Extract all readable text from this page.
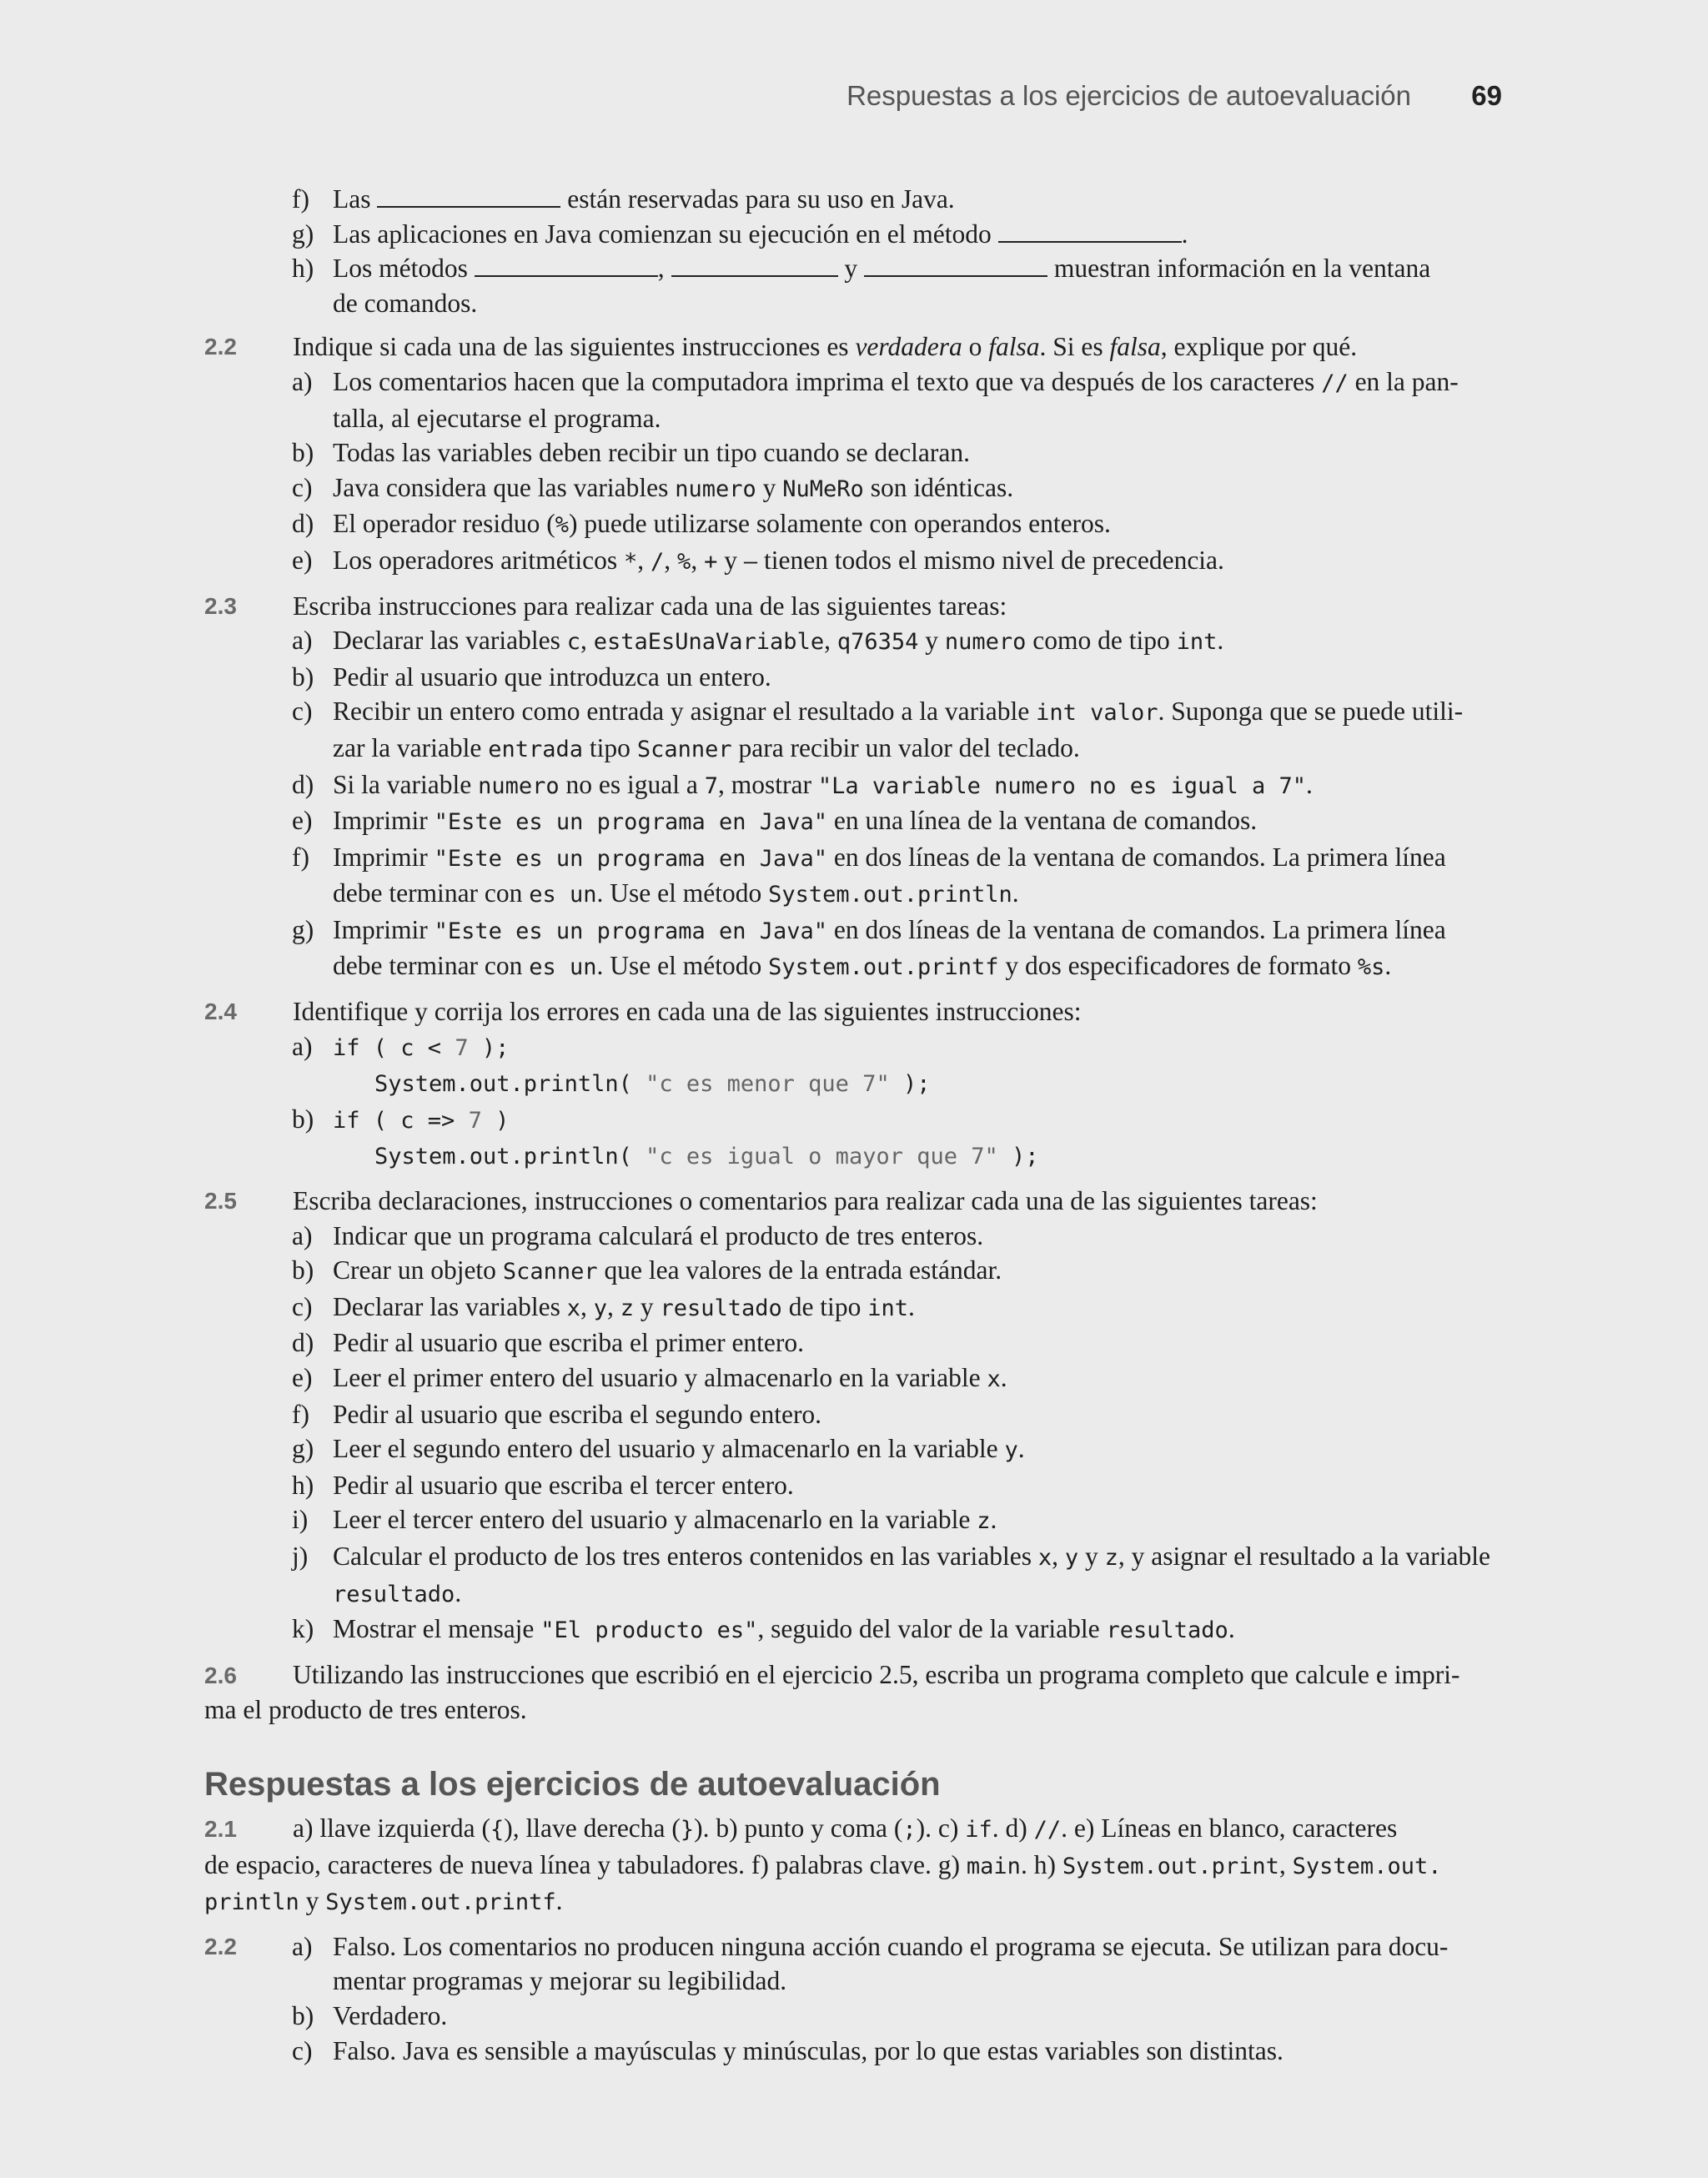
Respuestas a los ejercicios de autoevaluación 69
f) Las	están reservadas para su uso en Java.
g) Las aplicaciones en Java comienzan su ejecución en el método	.
h) Los métodos	,	y	muestran información en la ventana
de comandos.
2.2 Indique si cada una de las siguientes instrucciones es verdadera o falsa. Si es falsa, explique por qué.
a) Los comentarios hacen que la computadora imprima el texto que va después de los caracteres // en la pan-
talla, al ejecutarse el programa.
b) Todas las variables deben recibir un tipo cuando se declaran.
c) Java considera que las variables numero y NuMeRo son idénticas.
d) El operador residuo (%) puede utilizarse solamente con operandos enteros.
e) Los operadores aritméticos *, /, %, + y – tienen todos el mismo nivel de precedencia.
2.3 Escriba instrucciones para realizar cada una de las siguientes tareas:
a) Declarar las variables c, estaEsUnaVariable, q76354 y numero como de tipo int.
b) Pedir al usuario que introduzca un entero.
c) Recibir un entero como entrada y asignar el resultado a la variable int valor. Suponga que se puede utili-
zar la variable entrada tipo Scanner para recibir un valor del teclado.
d) Si la variable numero no es igual a 7, mostrar "La variable numero no es igual a 7".
e) Imprimir "Este es un programa en Java" en una línea de la ventana de comandos.
f) Imprimir "Este es un programa en Java" en dos líneas de la ventana de comandos. La primera línea
debe terminar con es un. Use el método System.out.println.
g) Imprimir "Este es un programa en Java" en dos líneas de la ventana de comandos. La primera línea
debe terminar con es un. Use el método System.out.printf y dos especificadores de formato %s.
2.4 Identifique y corrija los errores en cada una de las siguientes instrucciones:
a) if ( c < 7 );
System.out.println( "c es menor que 7" );
b) if ( c => 7 )
System.out.println( "c es igual o mayor que 7" );
2.5 Escriba declaraciones, instrucciones o comentarios para realizar cada una de las siguientes tareas:
a) Indicar que un programa calculará el producto de tres enteros.
b) Crear un objeto Scanner que lea valores de la entrada estándar.
c) Declarar las variables x, y, z y resultado de tipo int.
d) Pedir al usuario que escriba el primer entero.
e) Leer el primer entero del usuario y almacenarlo en la variable x.
f) Pedir al usuario que escriba el segundo entero.
g) Leer el segundo entero del usuario y almacenarlo en la variable y.
h) Pedir al usuario que escriba el tercer entero.
i) Leer el tercer entero del usuario y almacenarlo en la variable z.
j) Calcular el producto de los tres enteros contenidos en las variables x, y y z, y asignar el resultado a la variable
resultado.
k) Mostrar el mensaje "El producto es", seguido del valor de la variable resultado.
2.6 Utilizando las instrucciones que escribió en el ejercicio 2.5, escriba un programa completo que calcule e impri-
ma el producto de tres enteros.
Respuestas a los ejercicios de autoevaluación
2.1 a) llave izquierda ({), llave derecha (}). b) punto y coma (;). c) if. d) //. e) Líneas en blanco, caracteres
de espacio, caracteres de nueva línea y tabuladores. f) palabras clave. g) main. h) System.out.print, System.out.
println y System.out.printf.
2.2 a) Falso. Los comentarios no producen ninguna acción cuando el programa se ejecuta. Se utilizan para docu-
mentar programas y mejorar su legibilidad.
b) Verdadero.
c) Falso. Java es sensible a mayúsculas y minúsculas, por lo que estas variables son distintas.
